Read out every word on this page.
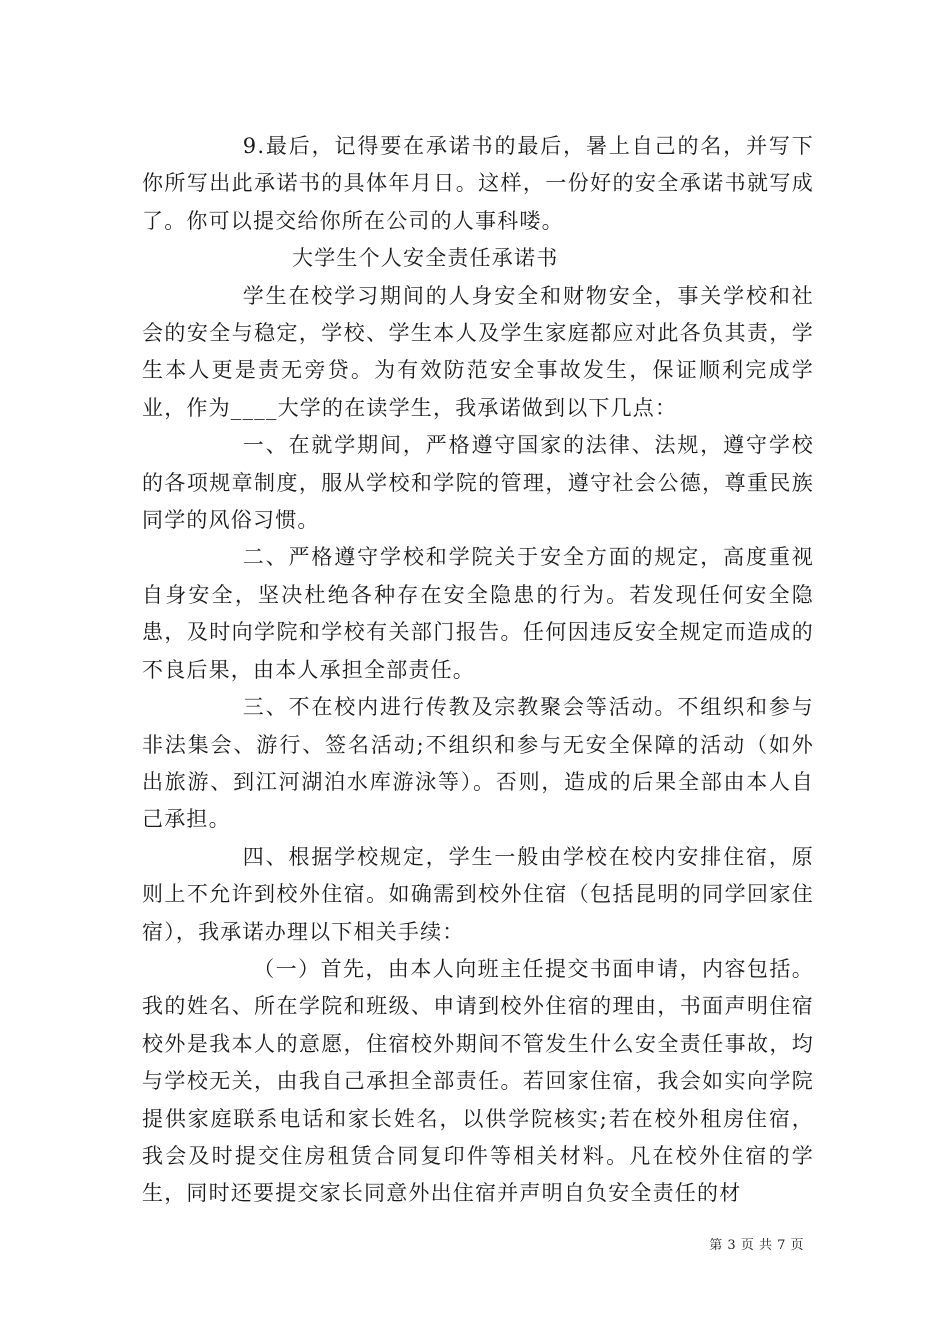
9.最后，记得要在承诺书的最后，暑上自己的名，并写下你所写出此承诺书的具体年月日。这样，一份好的安全承诺书就写成了。你可以提交给你所在公司的人事科喽。

大学生个人安全责任承诺书

学生在校学习期间的人身安全和财物安全，事关学校和社会的安全与稳定，学校、学生本人及学生家庭都应对此各负其责，学生本人更是责无旁贷。为有效防范安全事故发生，保证顺利完成学业，作为____大学的在读学生，我承诺做到以下几点：

一、在就学期间，严格遵守国家的法律、法规，遵守学校的各项规章制度，服从学校和学院的管理，遵守社会公德，尊重民族同学的风俗习惯。

二、严格遵守学校和学院关于安全方面的规定，高度重视自身安全，坚决杜绝各种存在安全隐患的行为。若发现任何安全隐患，及时向学院和学校有关部门报告。任何因违反安全规定而造成的不良后果，由本人承担全部责任。

三、不在校内进行传教及宗教聚会等活动。不组织和参与非法集会、游行、签名活动;不组织和参与无安全保障的活动（如外出旅游、到江河湖泊水库游泳等）。否则，造成的后果全部由本人自己承担。

四、根据学校规定，学生一般由学校在校内安排住宿，原则上不允许到校外住宿。如确需到校外住宿（包括昆明的同学回家住宿），我承诺办理以下相关手续：

（一）首先，由本人向班主任提交书面申请，内容包括。我的姓名、所在学院和班级、申请到校外住宿的理由，书面声明住宿校外是我本人的意愿，住宿校外期间不管发生什么安全责任事故，均与学校无关，由我自己承担全部责任。若回家住宿，我会如实向学院提供家庭联系电话和家长姓名，以供学院核实;若在校外租房住宿，我会及时提交住房租赁合同复印件等相关材料。凡在校外住宿的学生，同时还要提交家长同意外出住宿并声明自负安全责任的材

第 3 页 共 7 页
